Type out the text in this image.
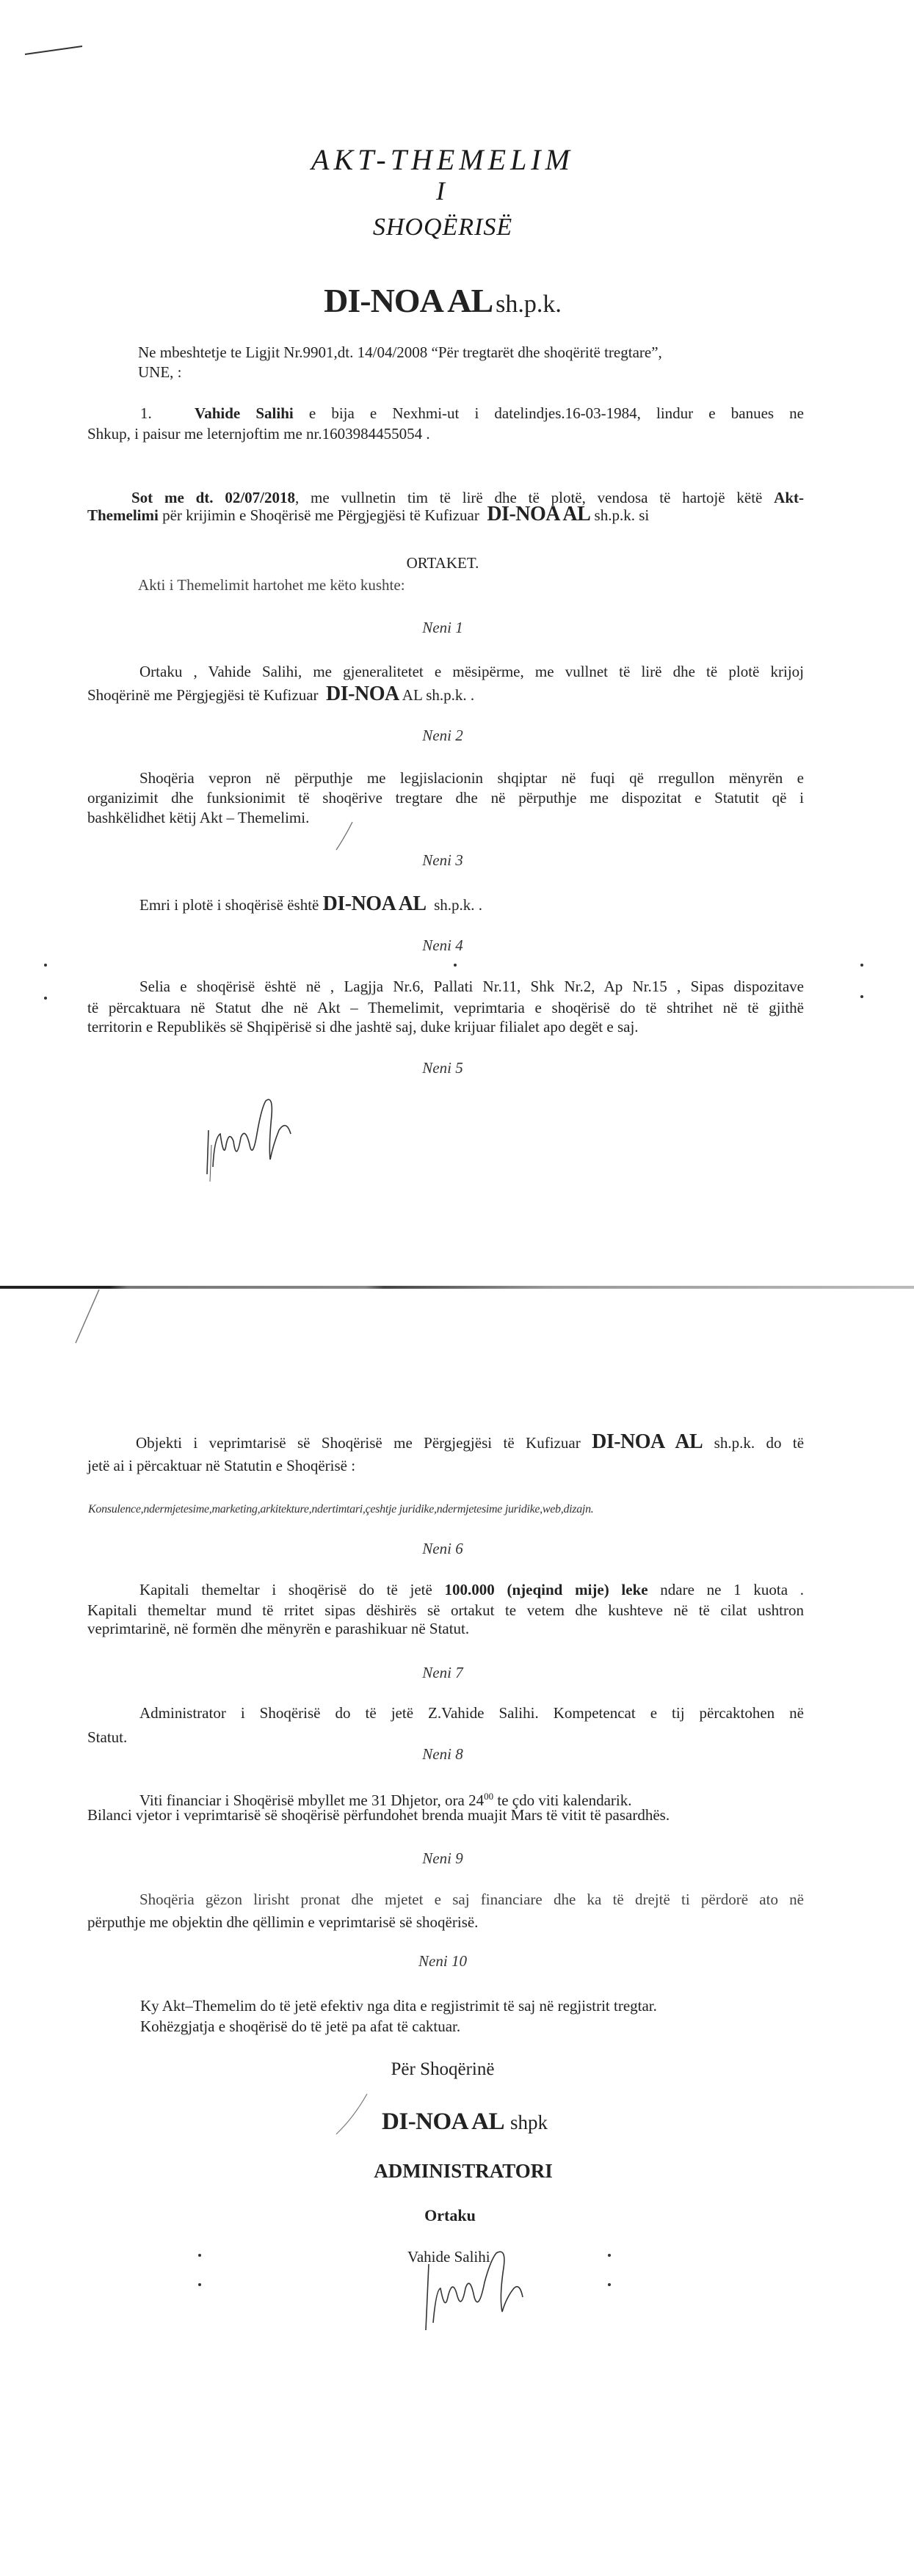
AKT-THEMELIM
I
SHOQËRISË
DI-NOA AL sh.p.k.
Ne mbeshtetje te Ligjit Nr.9901,dt. 14/04/2008 “Për tregtarët dhe shoqëritë tregtare”,
UNE, :
1.	Vahide Salihi e bija e Nexhmi-ut i datelindjes.16-03-1984, lindur e banues ne
Shkup, i paisur me leternjoftim me nr.1603984455054 .
Sot me dt. 02/07/2018, me vullnetin tim të lirë dhe të plotë, vendosa të hartojë këtë Akt-
Themelimi për krijimin e Shoqërisë me Përgjegjësi të Kufizuar DI-NOA AL sh.p.k. si
ORTAKET.
Akti i Themelimit hartohet me këto kushte:
Neni 1
Ortaku , Vahide Salihi, me gjeneralitetet e mësipërme, me vullnet të lirë dhe të plotë krijoj
Shoqërinë me Përgjegjësi të Kufizuar DI-NOA AL sh.p.k. .
Neni 2
Shoqëria vepron në përputhje me legjislacionin shqiptar në fuqi që rregullon mënyrën e
organizimit dhe funksionimit të shoqërive tregtare dhe në përputhje me dispozitat e Statutit që i
bashkëlidhet këtij Akt – Themelimi.
Neni 3
Emri i plotë i shoqërisë është DI-NOA AL sh.p.k. .
Neni 4
Selia e shoqërisë është në , Lagjja Nr.6, Pallati Nr.11, Shk Nr.2, Ap Nr.15 , Sipas dispozitave
të përcaktuara në Statut dhe në Akt – Themelimit, veprimtaria e shoqërisë do të shtrihet në të gjithë
territorin e Republikës së Shqipërisë si dhe jashtë saj, duke krijuar filialet apo degët e saj.
Neni 5
Objekti i veprimtarisë së Shoqërisë me Përgjegjësi të Kufizuar DI-NOA AL sh.p.k. do të
jetë ai i përcaktuar në Statutin e Shoqërisë :
Konsulence,ndermjetesime,marketing,arkitekture,ndertimtari,çeshtje juridike,ndermjetesime juridike,web,dizajn.
Neni 6
Kapitali themeltar i shoqërisë do të jetë 100.000 (njeqind mije) leke ndare ne 1 kuota .
Kapitali themeltar mund të rritet sipas dëshirës së ortakut te vetem dhe kushteve në të cilat ushtron
veprimtarinë, në formën dhe mënyrën e parashikuar në Statut.
Neni 7
Administrator i Shoqërisë do të jetë Z.Vahide Salihi. Kompetencat e tij përcaktohen në
Statut.
Neni 8
Viti financiar i Shoqërisë mbyllet me 31 Dhjetor, ora $24^{00}$ te çdo viti kalendarik.
Bilanci vjetor i veprimtarisë së shoqërisë përfundohet brenda muajit Mars të vitit të pasardhës.
Neni 9
Shoqëria gëzon lirisht pronat dhe mjetet e saj financiare dhe ka të drejtë ti përdorë ato në
përputhje me objektin dhe qëllimin e veprimtarisë së shoqërisë.
Neni 10
Ky Akt–Themelim do të jetë efektiv nga dita e regjistrimit të saj në regjistrit tregtar.
Kohëzgjatja e shoqërisë do të jetë pa afat të caktuar.
Për Shoqërinë
DI-NOA AL shpk
ADMINISTRATORI
Ortaku
Vahide Salihi
